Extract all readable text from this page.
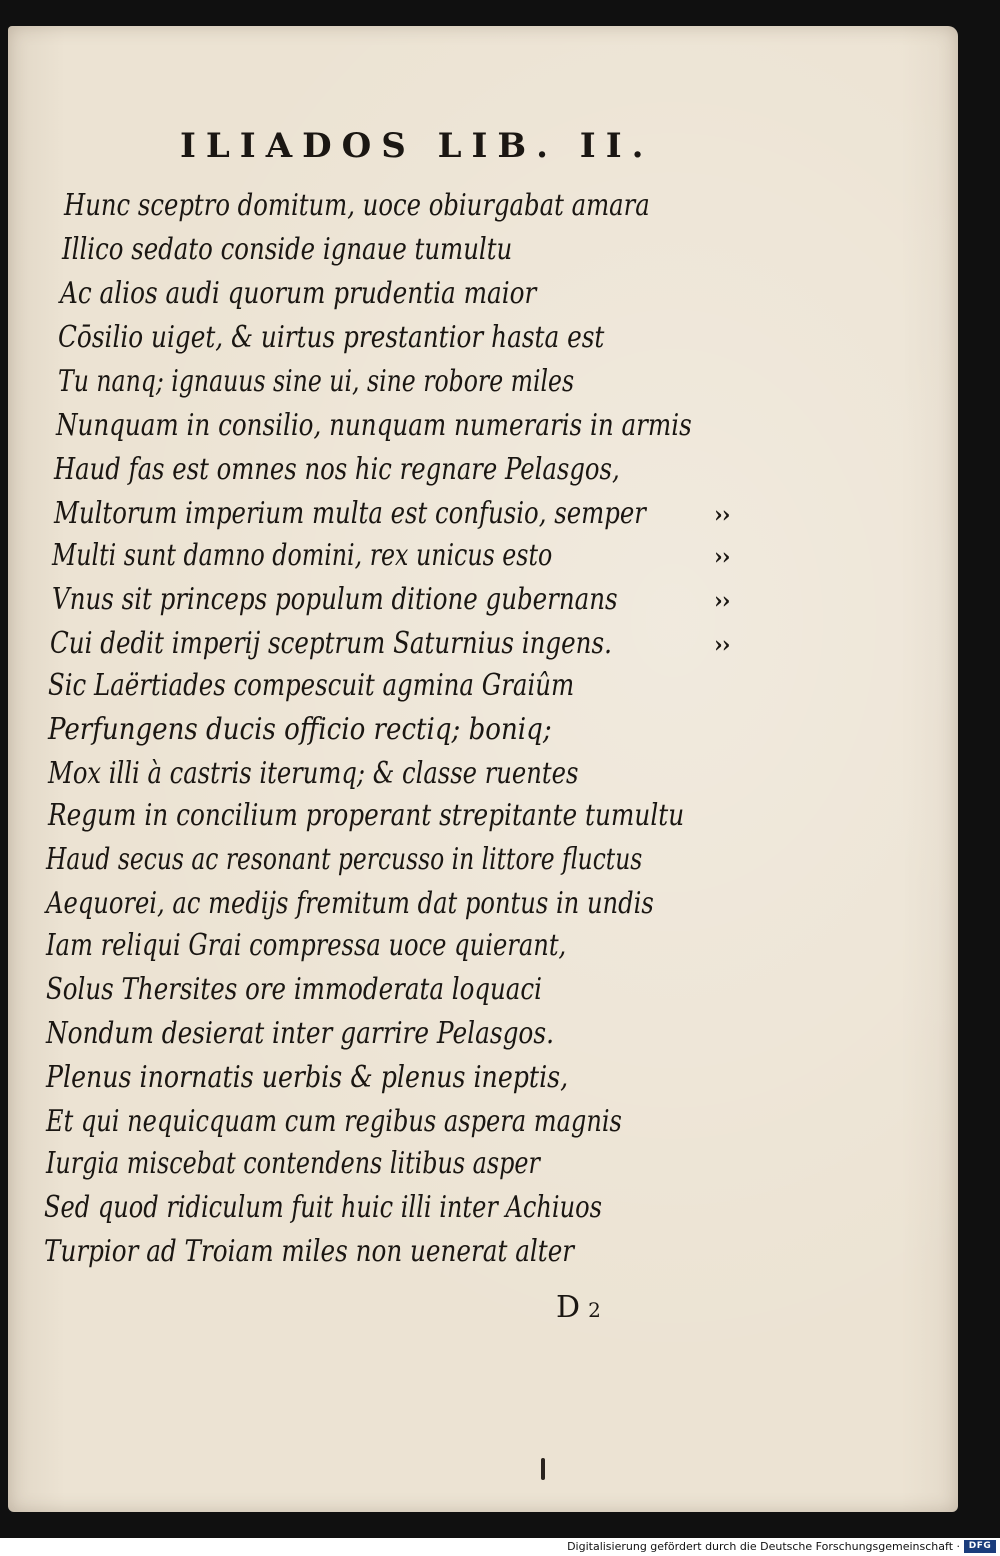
ILIADOS LIB. II.
Hunc sceptro domitum, uoce obiurgabat amara
Illico sedato conside ignaue tumultu
Ac alios audi quorum prudentia maior
Cōsilio uiget, & uirtus prestantior hasta est
Tu nanq; ignauus sine ui, sine robore miles
Nunquam in consilio, nunquam numeraris in armis
Haud fas est omnes nos hic regnare Pelasgos,
Multorum imperium multa est confusio, semper
Multi sunt damno domini, rex unicus esto
Vnus sit princeps populum ditione gubernans
Cui dedit imperij sceptrum Saturnius ingens.
Sic Laërtiades compescuit agmina Graiûm
Perfungens ducis officio rectiq; boniq;
Mox illi à castris iterumq; & classe ruentes
Regum in concilium properant strepitante tumultu
Haud secus ac resonant percusso in littore fluctus
Aequorei, ac medijs fremitum dat pontus in undis
Iam reliqui Grai compressa uoce quierant,
Solus Thersites ore immoderata loquaci
Nondum desierat inter garrire Pelasgos.
Plenus inornatis uerbis & plenus ineptis,
Et qui nequicquam cum regibus aspera magnis
Iurgia miscebat contendens litibus asper
Sed quod ridiculum fuit huic illi inter Achiuos
Turpior ad Troiam miles non uenerat alter
››
››
››
››
D2
Digitalisierung gefördert durch die Deutsche Forschungsgemeinschaft · DFG
